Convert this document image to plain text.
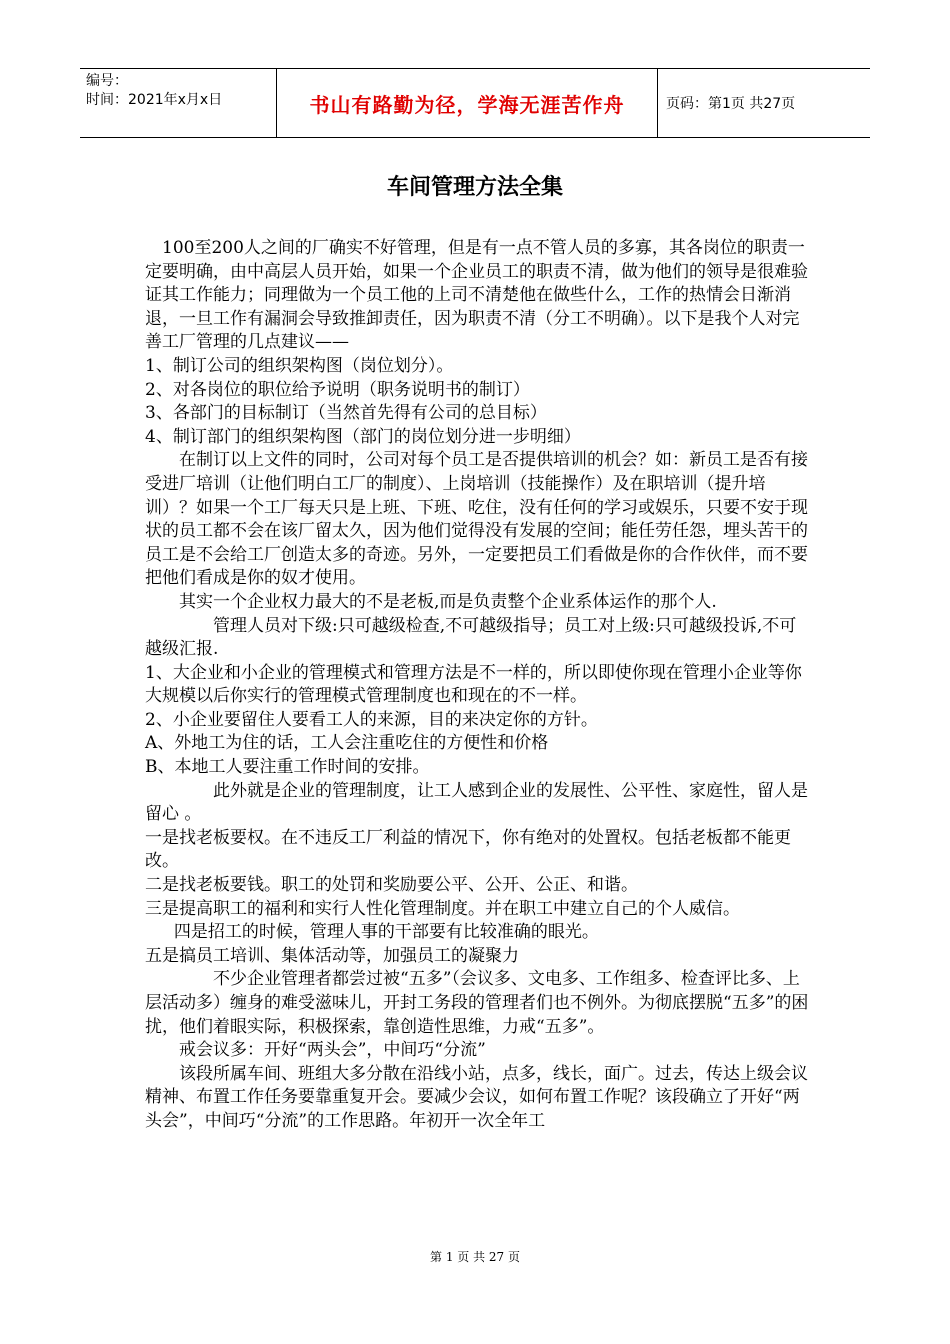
编号：
时间：2021年x月x日	书山有路勤为径，学海无涯苦作舟	页码：第1页 共27页
车间管理方法全集

100至200人之间的厂确实不好管理，但是有一点不管人员的多寡，其各岗位的职责一定要明确，由中高层人员开始，如果一个企业员工的职责不清，做为他们的领导是很难验证其工作能力；同理做为一个员工他的上司不清楚他在做些什么，工作的热情会日渐消退，一旦工作有漏洞会导致推卸责任，因为职责不清（分工不明确）。以下是我个人对完善工厂管理的几点建议——

1、制订公司的组织架构图（岗位划分）。

2、对各岗位的职位给予说明（职务说明书的制订）

3、各部门的目标制订（当然首先得有公司的总目标）

4、制订部门的组织架构图（部门的岗位划分进一步明细）

在制订以上文件的同时，公司对每个员工是否提供培训的机会？如：新员工是否有接受进厂培训（让他们明白工厂的制度）、上岗培训（技能操作）及在职培训（提升培训）？如果一个工厂每天只是上班、下班、吃住，没有任何的学习或娱乐，只要不安于现状的员工都不会在该厂留太久，因为他们觉得没有发展的空间；能任劳任怨，埋头苦干的员工是不会给工厂创造太多的奇迹。另外，一定要把员工们看做是你的合作伙伴，而不要把他们看成是你的奴才使用。

其实一个企业权力最大的不是老板,而是负责整个企业系体运作的那个人.

管理人员对下级:只可越级检查,不可越级指导；员工对上级:只可越级投诉,不可越级汇报.

1、大企业和小企业的管理模式和管理方法是不一样的，所以即使你现在管理小企业等你大规模以后你实行的管理模式管理制度也和现在的不一样。

2、小企业要留住人要看工人的来源，目的来决定你的方针。

A、外地工为住的话，工人会注重吃住的方便性和价格

B、本地工人要注重工作时间的安排。

此外就是企业的管理制度，让工人感到企业的发展性、公平性、家庭性，留人是留心 。

一是找老板要权。在不违反工厂利益的情况下，你有绝对的处置权。包括老板都不能更改。

二是找老板要钱。职工的处罚和奖励要公平、公开、公正、和谐。

三是提高职工的福利和实行人性化管理制度。并在职工中建立自己的个人威信。

四是招工的时候，管理人事的干部要有比较准确的眼光。

五是搞员工培训、集体活动等，加强员工的凝聚力

不少企业管理者都尝过被“五多”（会议多、文电多、工作组多、检查评比多、上层活动多）缠身的难受滋味儿，开封工务段的管理者们也不例外。为彻底摆脱“五多”的困扰，他们着眼实际，积极探索，靠创造性思维，力戒“五多”。

戒会议多：开好“两头会”，中间巧“分流”

该段所属车间、班组大多分散在沿线小站，点多，线长，面广。过去，传达上级会议精神、布置工作任务要靠重复开会。要减少会议，如何布置工作呢？该段确立了开好“两头会”，中间巧“分流”的工作思路。年初开一次全年工

第 1 页 共 27 页
